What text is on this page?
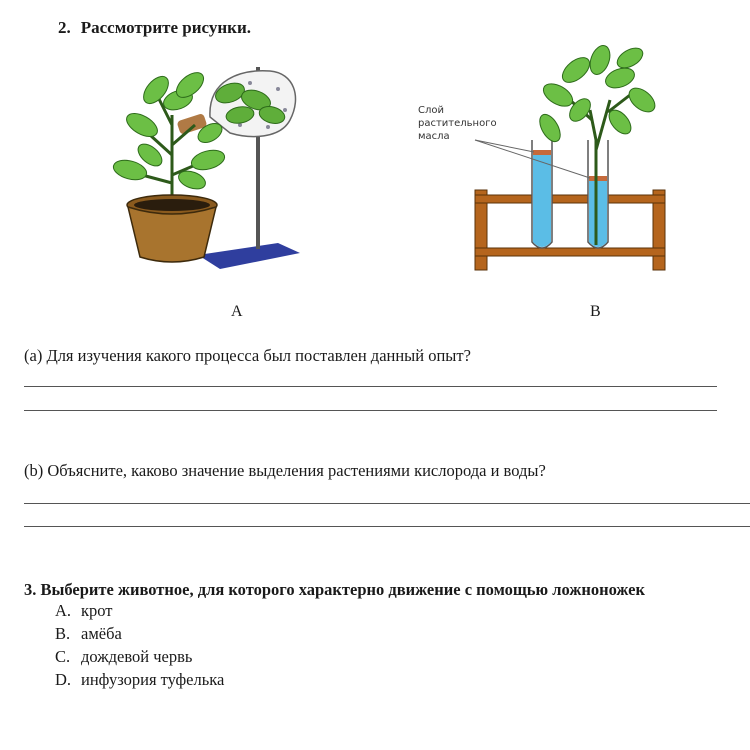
2. Рассмотрите рисунки.
A
Слой
растительного
масла
B
(a) Для изучения какого процесса был поставлен данный опыт?
(b) Объясните, каково значение выделения растениями кислорода и воды?
3. Выберите животное, для которого характерно движение с помощью ложноножек
A. крот
B. амёба
C. дождевой червь
D. инфузория туфелька
